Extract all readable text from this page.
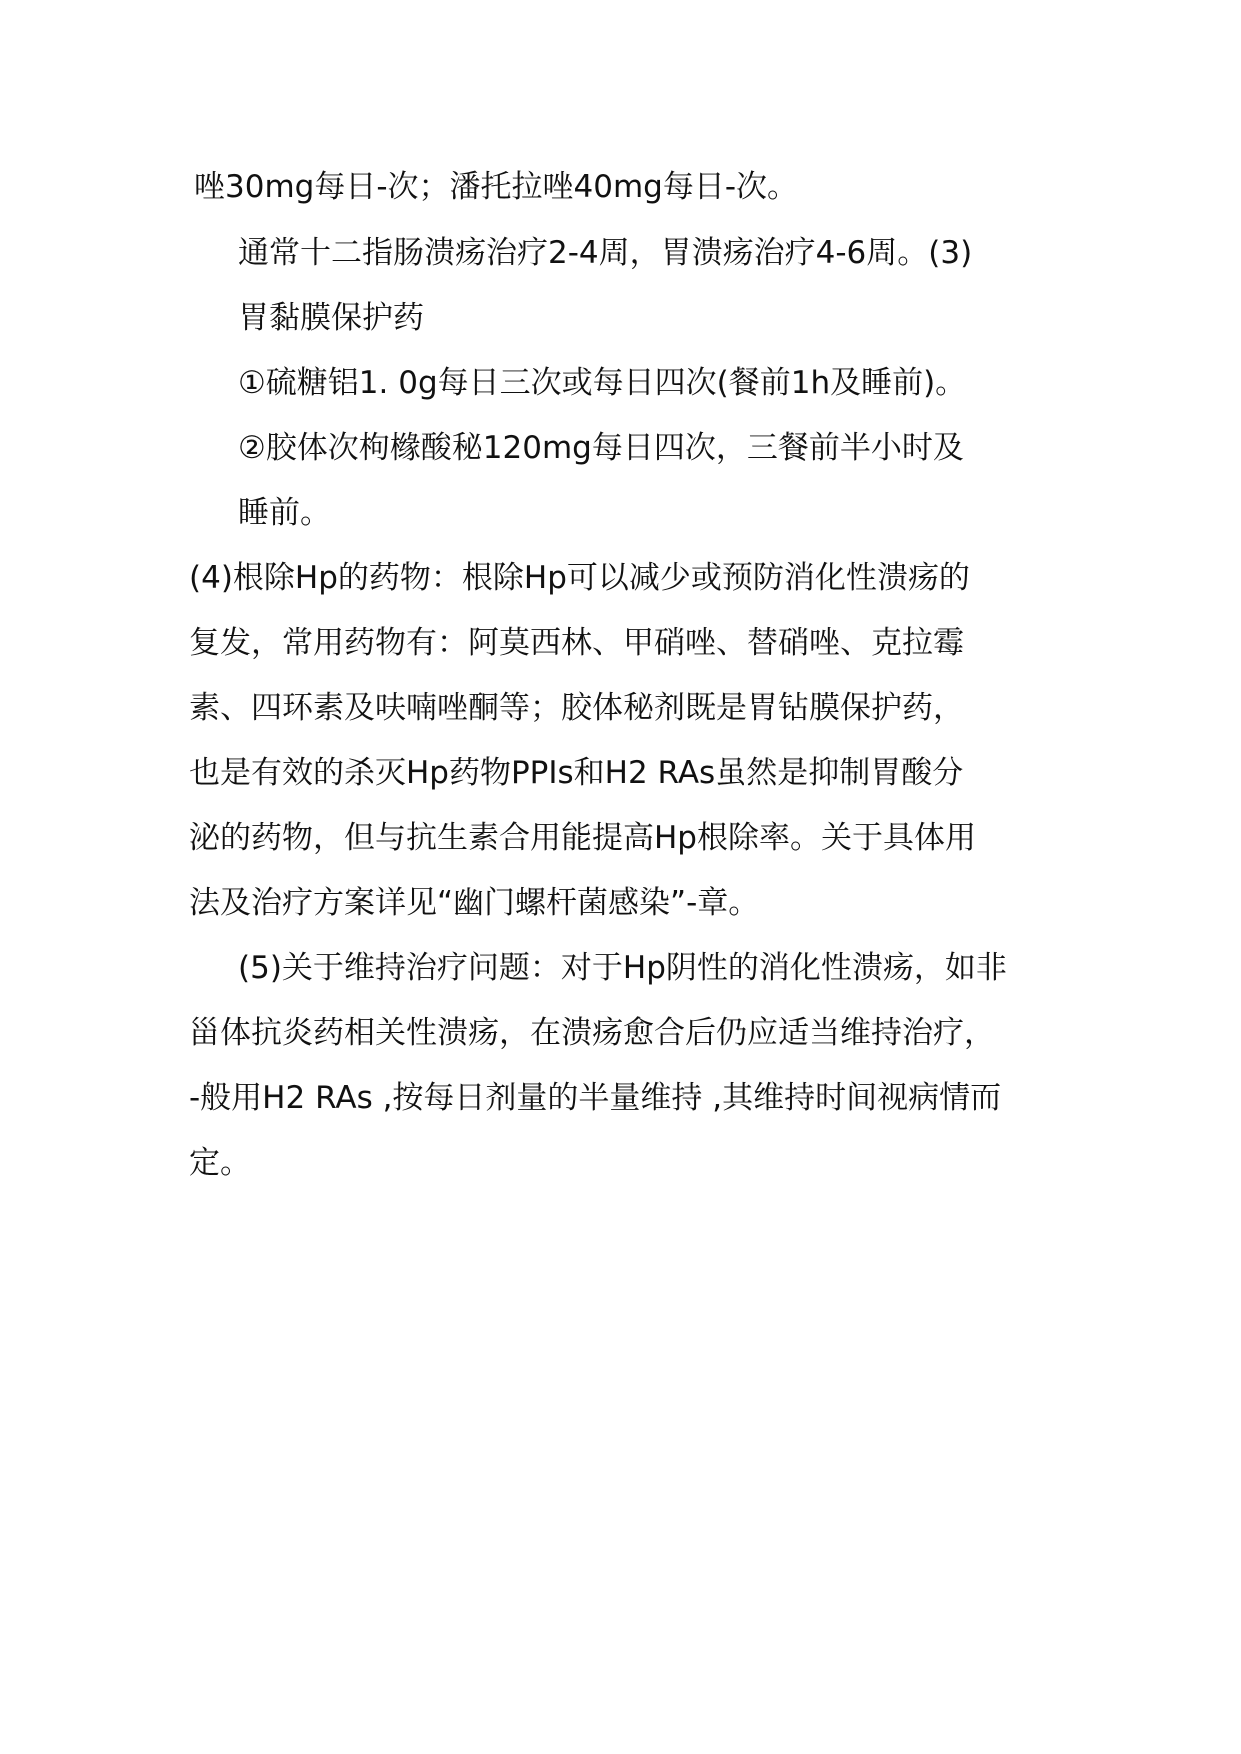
唑30mg每日-次；潘托拉唑40mg每日-次。
通常十二指肠溃疡治疗2-4周，胃溃疡治疗4-6周。(3)
胃黏膜保护药
①硫糖铝1. 0g每日三次或每日四次(餐前1h及睡前)。
②胶体次枸橼酸秘120mg每日四次，三餐前半小时及
睡前。
(4)根除Hp的药物：根除Hp可以减少或预防消化性溃疡的
复发，常用药物有：阿莫西林、甲硝唑、替硝唑、克拉霉
素、四环素及呋喃唑酮等；胶体秘剂既是胃钻膜保护药，
也是有效的杀灭Hp药物PPIs和H2 RAs虽然是抑制胃酸分
泌的药物，但与抗生素合用能提高Hp根除率。关于具体用
法及治疗方案详见“幽门螺杆菌感染”-章。
(5)关于维持治疗问题：对于Hp阴性的消化性溃疡，如非
甾体抗炎药相关性溃疡，在溃疡愈合后仍应适当维持治疗，
-般用H2 RAs ,按每日剂量的半量维持 ,其维持时间视病情而
定。
